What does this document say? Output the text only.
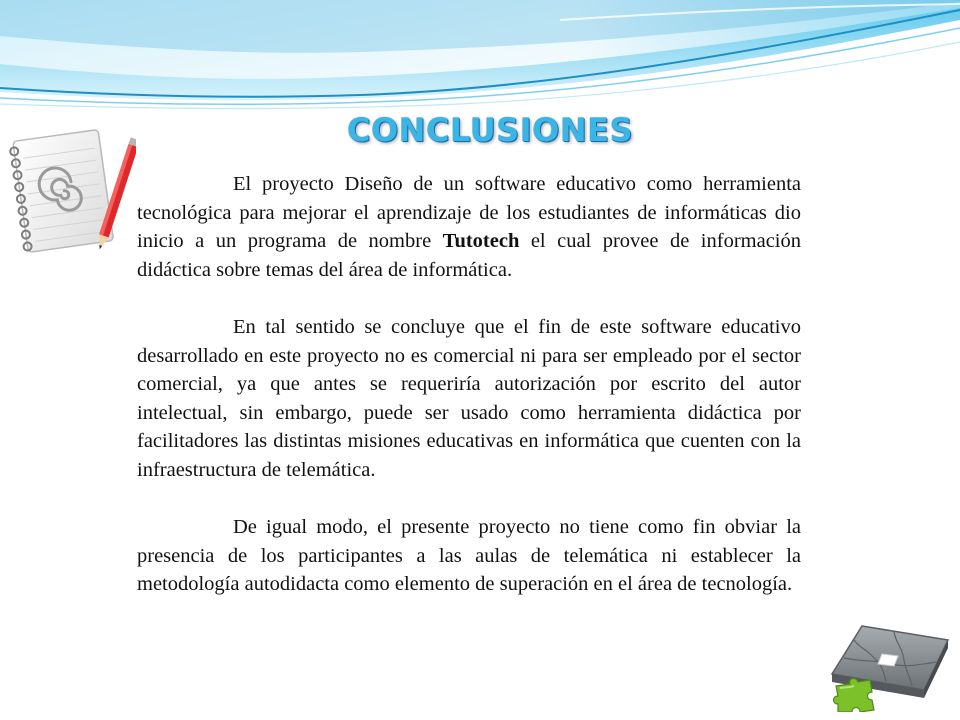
CONCLUSIONES

El proyecto Diseño de un software educativo como herramienta tecnológica para mejorar el aprendizaje de los estudiantes de informáticas dio inicio a un programa de nombre Tutotech el cual provee de información didáctica sobre temas del área de informática.

En tal sentido se concluye que el fin de este software educativo desarrollado en este proyecto no es comercial ni para ser empleado por el sector comercial, ya que antes se requeriría autorización por escrito del autor intelectual, sin embargo, puede ser usado como herramienta didáctica por facilitadores las distintas misiones educativas en informática que cuenten con la infraestructura de telemática.

De igual modo, el presente proyecto no tiene como fin obviar la presencia de los participantes a las aulas de telemática ni establecer la metodología autodidacta como elemento de superación en el área de tecnología.
